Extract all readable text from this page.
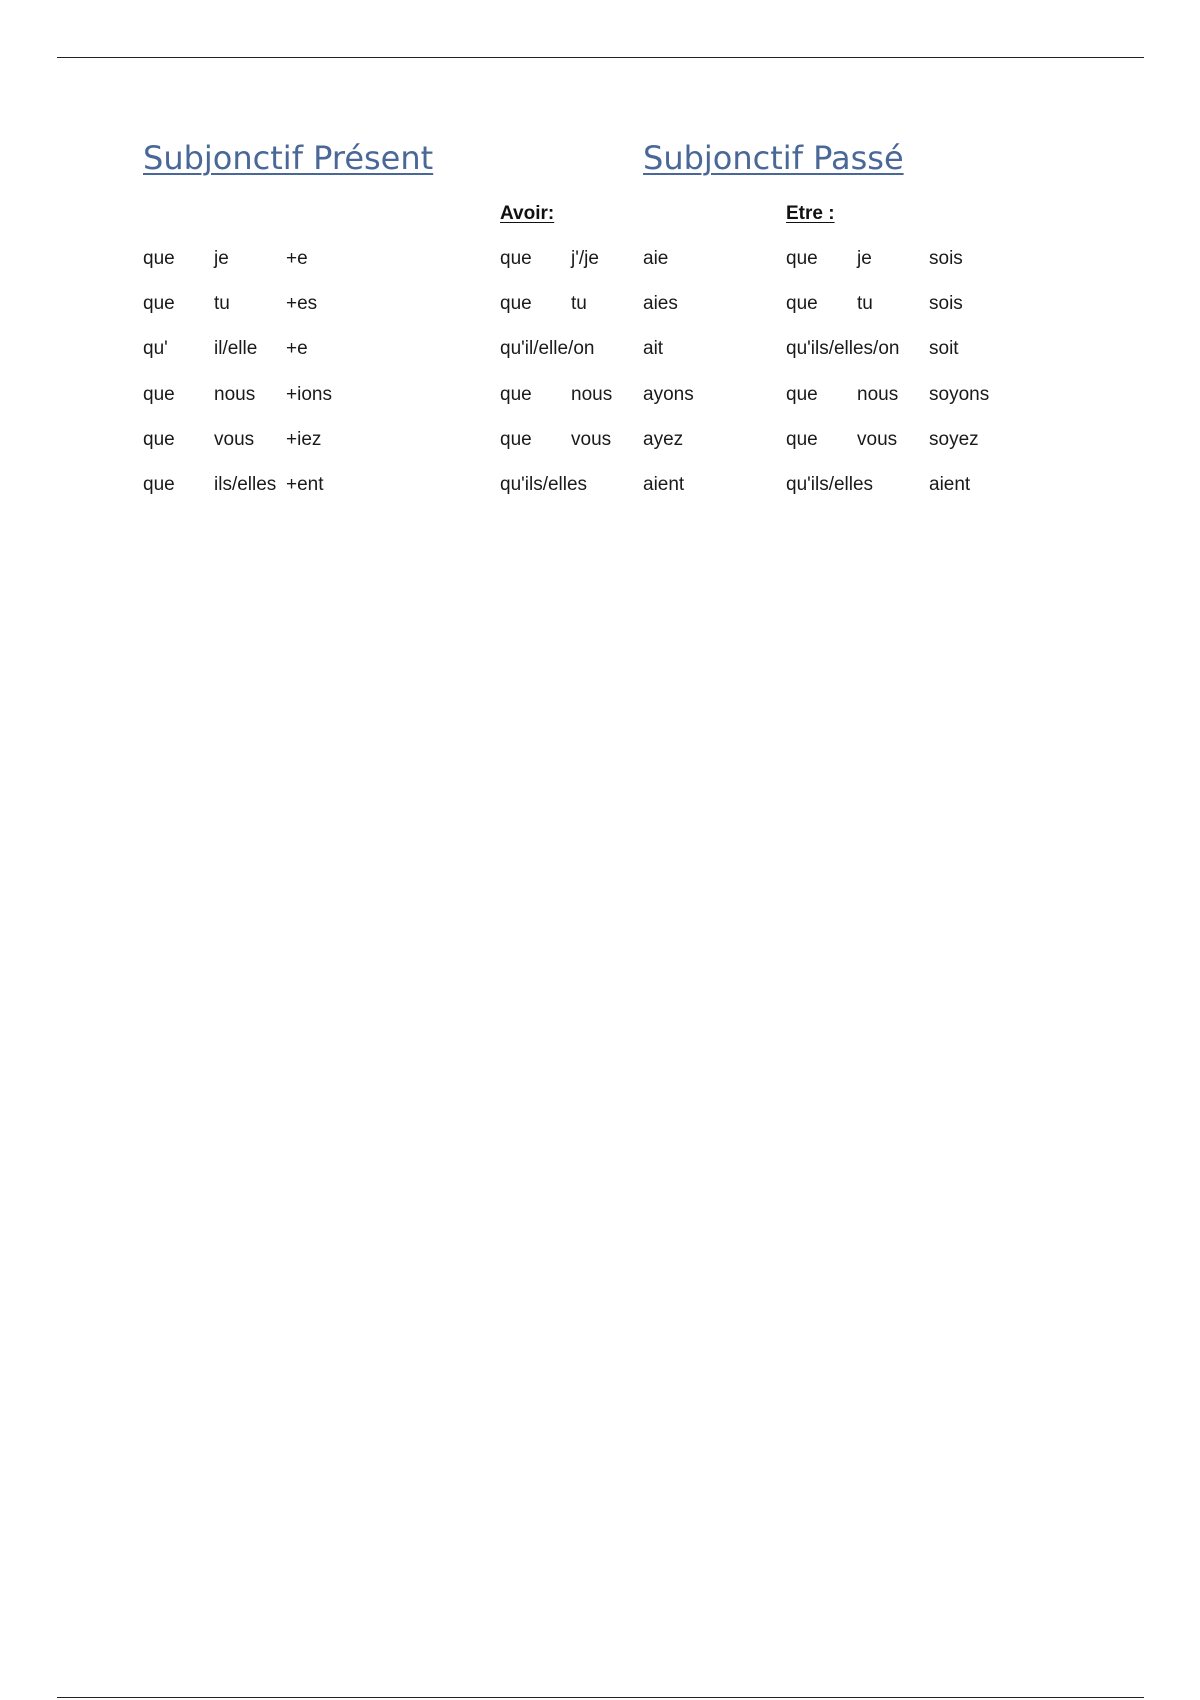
Subjonctif Présent	Subjonctif Passé
Avoir:	Etre :
que je	+e
que tu	+es
qu' il/elle +e
que nous +ions
que vous +iez
que ils/elles +ent
que j'/je aie
que tu	aies
qu'il/elle/on	ait
que nous ayons
que vous ayez
qu'ils/elles	aient
que je	sois
que tu	sois
qu'ils/elles/on soit
que nous soyons
que vous soyez
qu'ils/elles	aient
